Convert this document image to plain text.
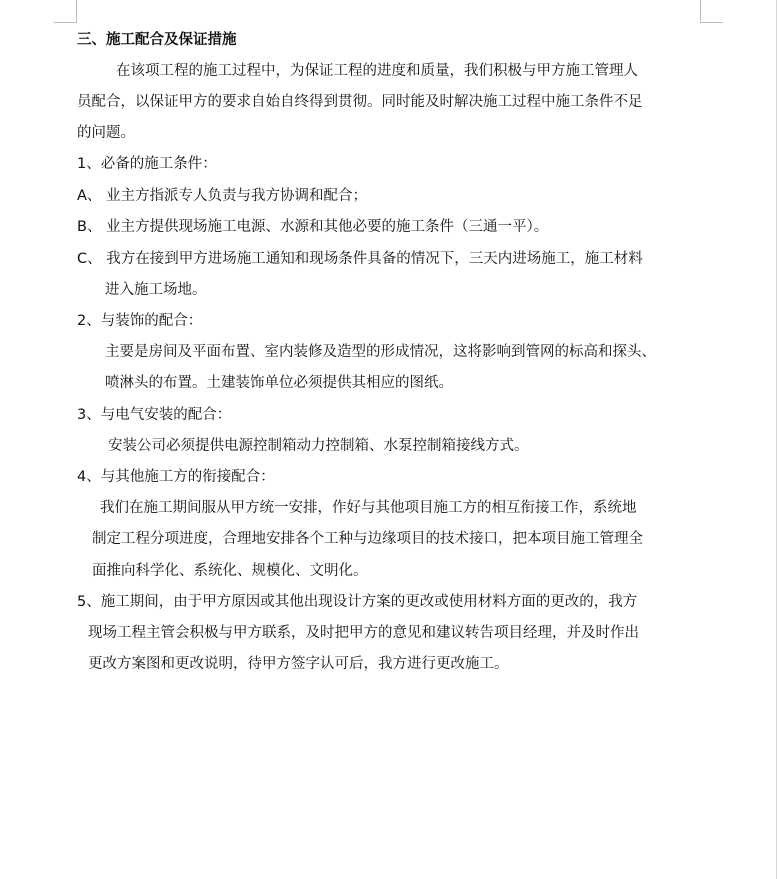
三、施工配合及保证措施
在该项工程的施工过程中，为保证工程的进度和质量，我们积极与甲方施工管理人
员配合，以保证甲方的要求自始自终得到贯彻。同时能及时解决施工过程中施工条件不足
的问题。
1、必备的施工条件：
A、 业主方指派专人负责与我方协调和配合；
B、 业主方提供现场施工电源、水源和其他必要的施工条件（三通一平）。
C、 我方在接到甲方进场施工通知和现场条件具备的情况下，三天内进场施工，施工材料
进入施工场地。
2、与装饰的配合：
主要是房间及平面布置、室内装修及造型的形成情况，这将影响到管网的标高和探头、
喷淋头的布置。土建装饰单位必须提供其相应的图纸。
3、与电气安装的配合：
安装公司必须提供电源控制箱动力控制箱、水泵控制箱接线方式。
4、与其他施工方的衔接配合：
我们在施工期间服从甲方统一安排，作好与其他项目施工方的相互衔接工作，系统地
制定工程分项进度，合理地安排各个工种与边缘项目的技术接口，把本项目施工管理全
面推向科学化、系统化、规模化、文明化。
5、施工期间，由于甲方原因或其他出现设计方案的更改或使用材料方面的更改的，我方
现场工程主管会积极与甲方联系，及时把甲方的意见和建议转告项目经理，并及时作出
更改方案图和更改说明，待甲方签字认可后，我方进行更改施工。
